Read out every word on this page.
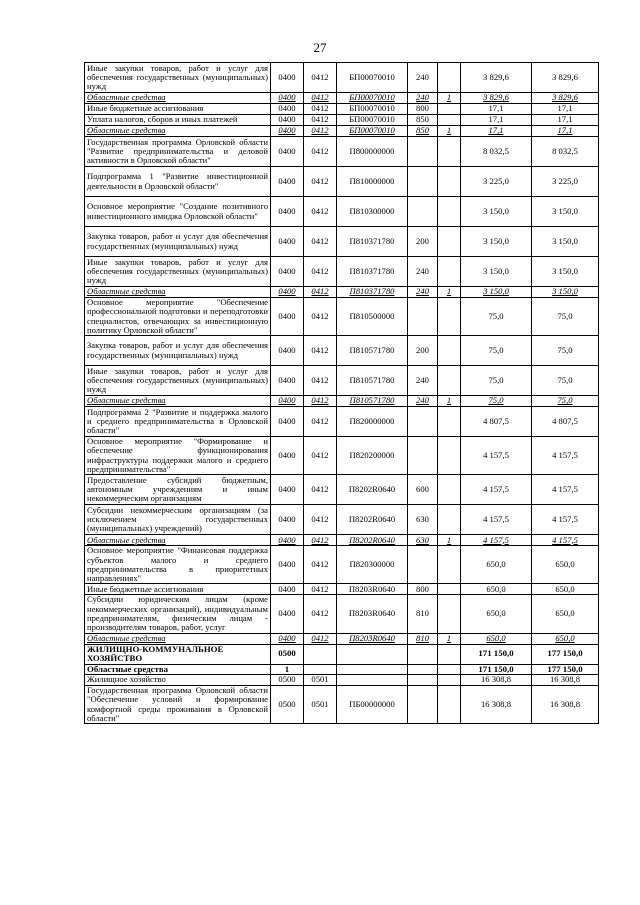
27
Иные закупки товаров, работ и услуг для обеспечения государственных (муниципальных) нужд	0400	0412	БП00070010	240		3 829,6	3 829,6
Областные средства	0400	0412	БП00070010	240	1	3 829,6	3 829,6
Иные бюджетные ассигнования	0400	0412	БП00070010	800		17,1	17,1
Уплата налогов, сборов и иных платежей	0400	0412	БП00070010	850		17,1	17,1
Областные средства	0400	0412	БП00070010	850	1	17,1	17,1
Государственная программа Орловской области "Развитие предпринимательства и деловой активности в Орловской области"	0400	0412	П800000000			8 032,5	8 032,5
Подпрограмма 1 "Развитие инвестиционной деятельности в Орловской области"	0400	0412	П810000000			3 225,0	3 225,0
Основное мероприятие "Создание позитивного инвестиционного имиджа Орловской области"	0400	0412	П810300000			3 150,0	3 150,0
Закупка товаров, работ и услуг для обеспечения государственных (муниципальных) нужд	0400	0412	П810371780	200		3 150,0	3 150,0
Иные закупки товаров, работ и услуг для обеспечения государственных (муниципальных) нужд	0400	0412	П810371780	240		3 150,0	3 150,0
Областные средства	0400	0412	П810371780	240	1	3 150,0	3 150,0
Основное мероприятие "Обеспечение профессиональной подготовки и переподготовки специалистов, отвечающих за инвестиционную политику Орловской области"	0400	0412	П810500000			75,0	75,0
Закупка товаров, работ и услуг для обеспечения государственных (муниципальных) нужд	0400	0412	П810571780	200		75,0	75,0
Иные закупки товаров, работ и услуг для обеспечения государственных (муниципальных) нужд	0400	0412	П810571780	240		75,0	75,0
Областные средства	0400	0412	П810571780	240	1	75,0	75,0
Подпрограмма 2 "Развитие и поддержка малого и среднего предпринимательства в Орловской области"	0400	0412	П820000000			4 807,5	4 807,5
Основное мероприятие "Формирование и обеспечение функционирования инфраструктуры поддержки малого и среднего предпринимательства"	0400	0412	П820200000			4 157,5	4 157,5
Предоставление субсидий бюджетным, автономным учреждениям и иным некоммерческим организациям	0400	0412	П8202R0640	600		4 157,5	4 157,5
Субсидии некоммерческим организациям (за исключением государственных (муниципальных) учреждений)	0400	0412	П8202R0640	630		4 157,5	4 157,5
Областные средства	0400	0412	П8202R0640	630	1	4 157,5	4 157,5
Основное мероприятие "Финансовая поддержка субъектов малого и среднего предпринимательства в приоритетных направлениях"	0400	0412	П820300000			650,0	650,0
Иные бюджетные ассигнования	0400	0412	П8203R0640	800		650,0	650,0
Субсидии юридическим лицам (кроме некоммерческих организаций), индивидуальным предпринимателям, физическим лицам - производителям товаров, работ, услуг	0400	0412	П8203R0640	810		650,0	650,0
Областные средства	0400	0412	П8203R0640	810	1	650,0	650,0
ЖИЛИЩНО-КОММУНАЛЬНОЕ ХОЗЯЙСТВО	0500					171 150,0	177 150,0
Областные средства	1					171 150,0	177 150,0
Жилищное хозяйство	0500	0501				16 308,8	16 308,8
Государственная программа Орловской области "Обеспечение условий и формирование комфортной среды проживания в Орловской области"	0500	0501	ПБ00000000			16 308,8	16 308,8
